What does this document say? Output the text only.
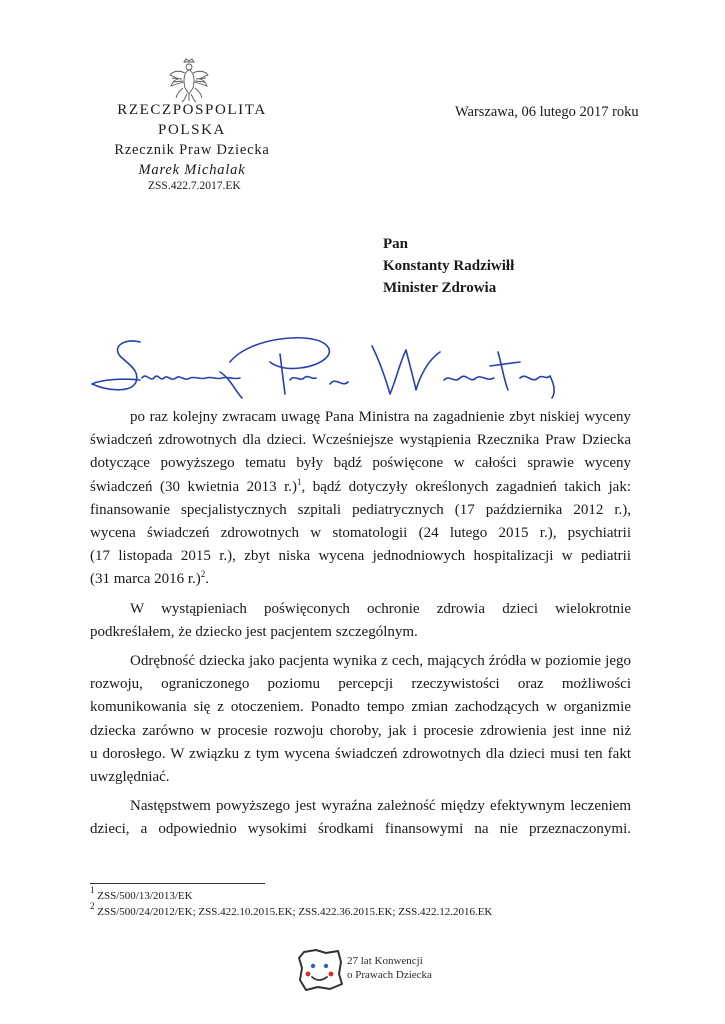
RZECZPOSPOLITA POLSKA
Rzecznik Praw Dziecka
Marek Michalak
ZSS.422.7.2017.EK
Warszawa, 06 lutego 2017 roku
Pan
Konstanty Radziwiłł
Minister Zdrowia
po raz kolejny zwracam uwagę Pana Ministra na zagadnienie zbyt niskiej wyceny
świadczeń zdrowotnych dla dzieci. Wcześniejsze wystąpienia Rzecznika Praw Dziecka
dotyczące powyższego tematu były bądź poświęcone w całości sprawie wyceny
świadczeń (30 kwietnia 2013 r.)$^1$, bądź dotyczyły określonych zagadnień takich jak:
finansowanie specjalistycznych szpitali pediatrycznych (17 października 2012 r.),
wycena świadczeń zdrowotnych w stomatologii (24 lutego 2015 r.), psychiatrii
(17 listopada 2015 r.), zbyt niska wycena jednodniowych hospitalizacji w pediatrii
(31 marca 2016 r.)$^2$.
W wystąpieniach poświęconych ochronie zdrowia dzieci wielokrotnie
podkreślałem, że dziecko jest pacjentem szczególnym.
Odrębność dziecka jako pacjenta wynika z cech, mających źródła w poziomie jego
rozwoju, ograniczonego poziomu percepcji rzeczywistości oraz możliwości
komunikowania się z otoczeniem. Ponadto tempo zmian zachodzących w organizmie
dziecka zarówno w procesie rozwoju choroby, jak i procesie zdrowienia jest inne niż
u dorosłego. W związku z tym wycena świadczeń zdrowotnych dla dzieci musi ten fakt
uwzględniać.
Następstwem powyższego jest wyraźna zależność między efektywnym leczeniem
dzieci, a odpowiednio wysokimi środkami finansowymi na nie przeznaczonymi.
$^1$ ZSS/500/13/2013/EK
$^2$ ZSS/500/24/2012/EK; ZSS.422.10.2015.EK; ZSS.422.36.2015.EK; ZSS.422.12.2016.EK
27 lat Konwencji
o Prawach Dziecka
